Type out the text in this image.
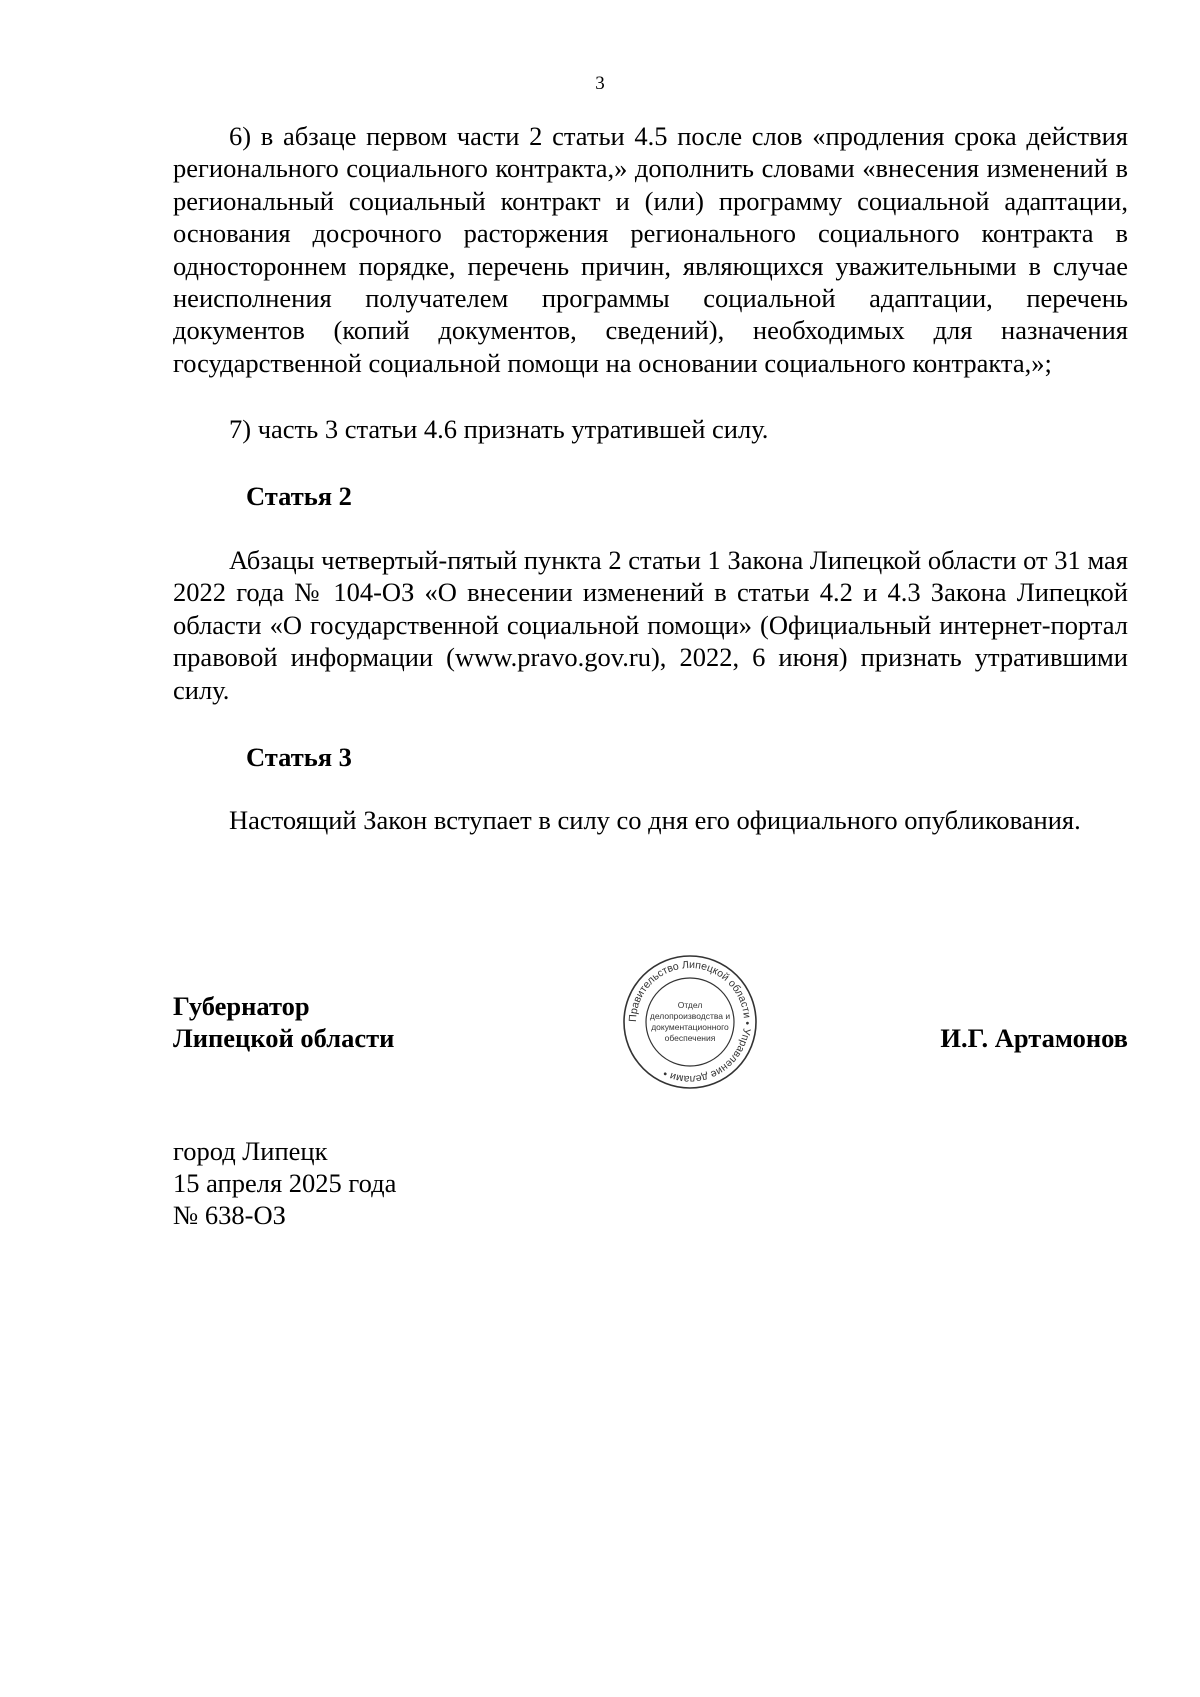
3

6) в абзаце первом части 2 статьи 4.5 после слов «продления срока действия регионального социального контракта,» дополнить словами «внесения изменений в региональный социальный контракт и (или) программу социальной адаптации, основания досрочного расторжения регионального социального контракта в одностороннем порядке, перечень причин, являющихся уважительными в случае неисполнения получателем программы социальной адаптации, перечень документов (копий документов, сведений), необходимых для назначения государственной социальной помощи на основании социального контракта,»;

7) часть 3 статьи 4.6 признать утратившей силу.

Статья 2

Абзацы четвертый-пятый пункта 2 статьи 1 Закона Липецкой области от 31 мая 2022 года № 104-ОЗ «О внесении изменений в статьи 4.2 и 4.3 Закона Липецкой области «О государственной социальной помощи» (Официальный интернет-портал правовой информации (www.pravo.gov.ru), 2022, 6 июня) признать утратившими силу.

Статья 3

Настоящий Закон вступает в силу со дня его официального опубликования.

Губернатор
Липецкой области
Правительство Липецкой области • Управление делами •
Отдел
делопроизводства и
документационного
обеспечения	И.Г. Артамонов
город Липецк
15 апреля 2025 года
№ 638-ОЗ
